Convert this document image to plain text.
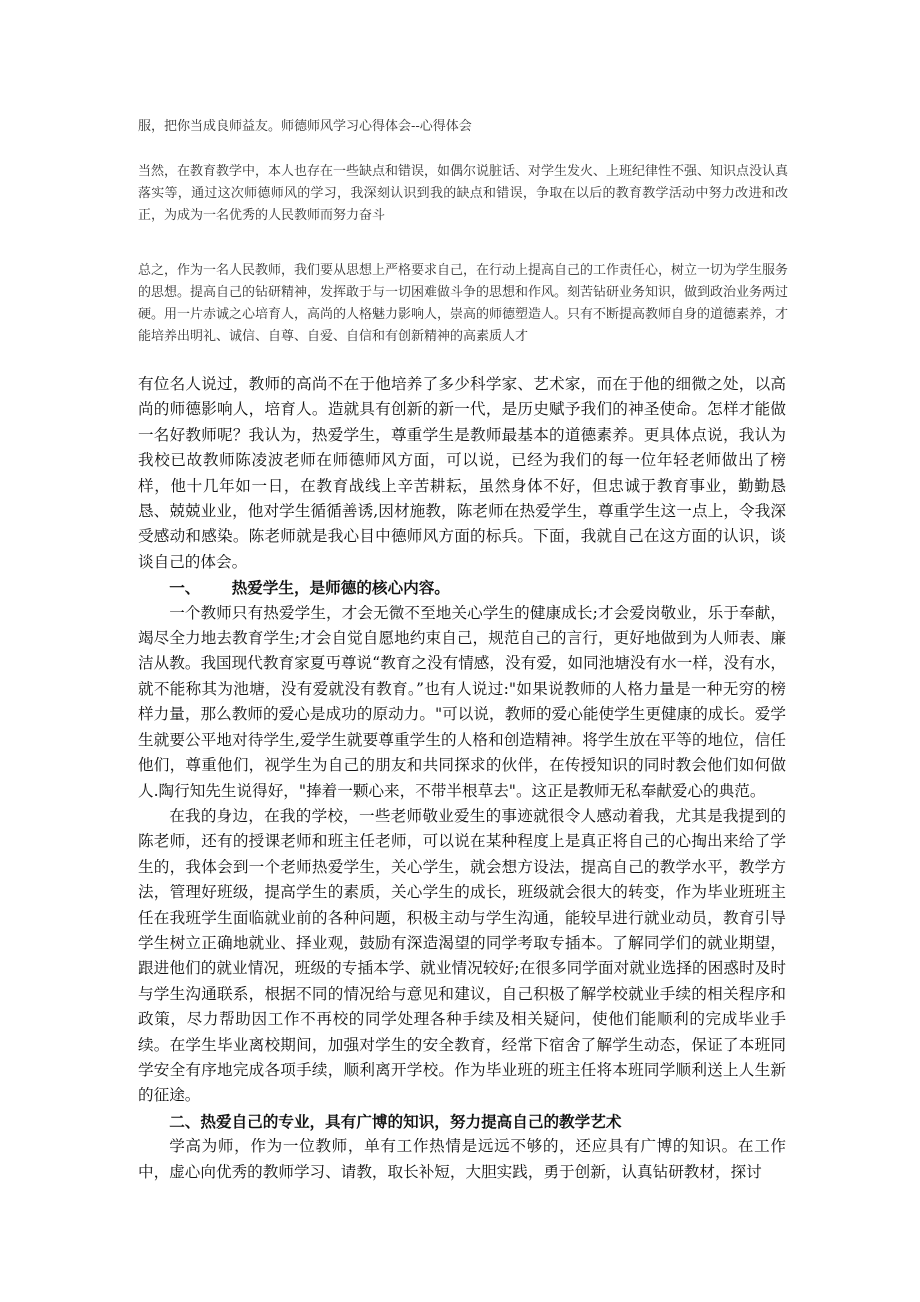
服，把你当成良师益友。师德师风学习心得体会--心得体会

当然，在教育教学中，本人也存在一些缺点和错误，如偶尔说脏话、对学生发火、上班纪律性不强、知识点没认真落实等，通过这次师德师风的学习，我深刻认识到我的缺点和错误，争取在以后的教育教学活动中努力改进和改正，为成为一名优秀的人民教师而努力奋斗

总之，作为一名人民教师，我们要从思想上严格要求自己，在行动上提高自己的工作责任心，树立一切为学生服务的思想。提高自己的钻研精神，发挥敢于与一切困难做斗争的思想和作风。刻苦钻研业务知识，做到政治业务两过硬。用一片赤诚之心培育人，高尚的人格魅力影响人，崇高的师德塑造人。只有不断提高教师自身的道德素养，才能培养出明礼、诚信、自尊、自爱、自信和有创新精神的高素质人才

有位名人说过，教师的高尚不在于他培养了多少科学家、艺术家，而在于他的细微之处，以高尚的师德影响人，培育人。造就具有创新的新一代，是历史赋予我们的神圣使命。怎样才能做一名好教师呢？我认为，热爱学生，尊重学生是教师最基本的道德素养。更具体点说，我认为我校已故教师陈凌波老师在师德师风方面，可以说，已经为我们的每一位年轻老师做出了榜样，他十几年如一日，在教育战线上辛苦耕耘，虽然身体不好，但忠诚于教育事业，勤勤恳恳、兢兢业业，他对学生循循善诱,因材施教，陈老师在热爱学生，尊重学生这一点上，令我深受感动和感染。陈老师就是我心目中德师风方面的标兵。下面，我就自己在这方面的认识，谈谈自己的体会。

一、 热爱学生，是师德的核心内容。

一个教师只有热爱学生，才会无微不至地关心学生的健康成长;才会爱岗敬业，乐于奉献，竭尽全力地去教育学生;才会自觉自愿地约束自己，规范自己的言行，更好地做到为人师表、廉洁从教。我国现代教育家夏丏尊说“教育之没有情感，没有爱，如同池塘没有水一样，没有水，就不能称其为池塘，没有爱就没有教育。”也有人说过:"如果说教师的人格力量是一种无穷的榜样力量，那么教师的爱心是成功的原动力。"可以说，教师的爱心能使学生更健康的成长。爱学生就要公平地对待学生,爱学生就要尊重学生的人格和创造精神。将学生放在平等的地位，信任他们，尊重他们，视学生为自己的朋友和共同探求的伙伴，在传授知识的同时教会他们如何做人.陶行知先生说得好，"捧着一颗心来，不带半根草去"。这正是教师无私奉献爱心的典范。

在我的身边，在我的学校，一些老师敬业爱生的事迹就很令人感动着我，尤其是我提到的陈老师，还有的授课老师和班主任老师，可以说在某种程度上是真正将自己的心掏出来给了学生的，我体会到一个老师热爱学生，关心学生，就会想方设法，提高自己的教学水平，教学方法，管理好班级，提高学生的素质，关心学生的成长，班级就会很大的转变，作为毕业班班主任在我班学生面临就业前的各种问题，积极主动与学生沟通，能较早进行就业动员，教育引导学生树立正确地就业、择业观，鼓励有深造渴望的同学考取专插本。了解同学们的就业期望，跟进他们的就业情况，班级的专插本学、就业情况较好;在很多同学面对就业选择的困惑时及时与学生沟通联系，根据不同的情况给与意见和建议，自己积极了解学校就业手续的相关程序和政策，尽力帮助因工作不再校的同学处理各种手续及相关疑问，使他们能顺利的完成毕业手续。在学生毕业离校期间，加强对学生的安全教育，经常下宿舍了解学生动态，保证了本班同学安全有序地完成各项手续，顺利离开学校。作为毕业班的班主任将本班同学顺利送上人生新的征途。

二、热爱自己的专业，具有广博的知识，努力提高自己的教学艺术

学高为师，作为一位教师，单有工作热情是远远不够的，还应具有广博的知识。在工作中，虚心向优秀的教师学习、请教，取长补短，大胆实践，勇于创新，认真钻研教材，探讨
